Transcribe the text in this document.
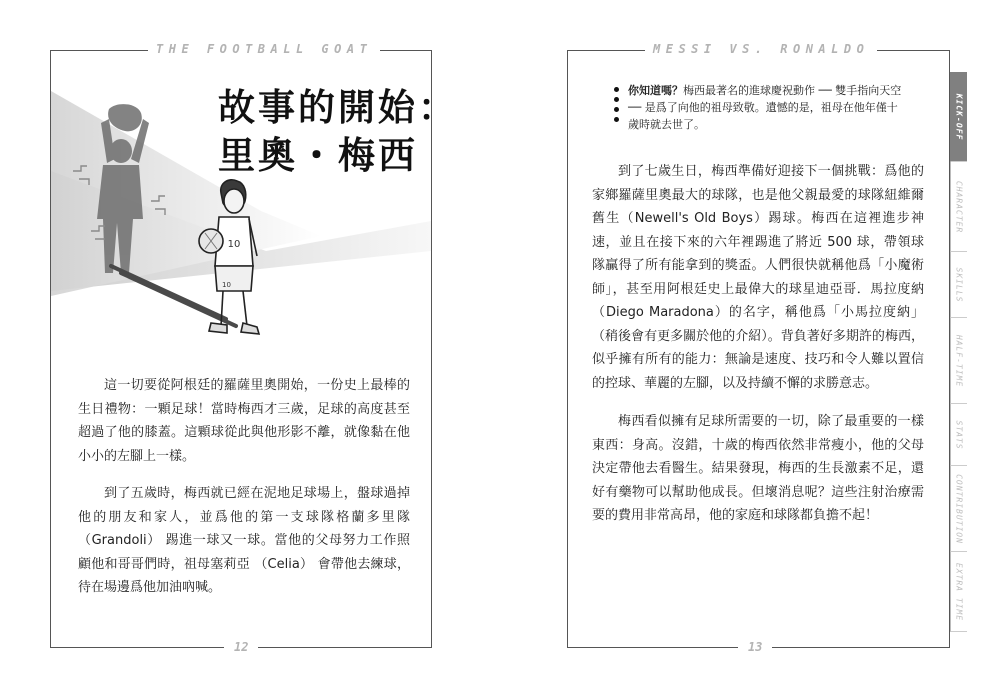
THE FOOTBALL GOAT
10
10
故事的開始：
里奧・梅西

這一切要從阿根廷的羅薩里奧開始，一份史上最棒的生日禮物：一顆足球！當時梅西才三歲，足球的高度甚至超過了他的膝蓋。這顆球從此與他形影不離，就像黏在他小小的左腳上一樣。

到了五歲時，梅西就已經在泥地足球場上，盤球過掉他的朋友和家人，並爲他的第一支球隊格蘭多里隊（Grandoli） 踢進一球又一球。當他的父母努力工作照顧他和哥哥們時，祖母塞莉亞 （Celia） 會帶他去練球，待在場邊爲他加油吶喊。

12
MESSI VS. RONALDO
你知道嗎？梅西最著名的進球慶祝動作 ── 雙手指向天空 ── 是爲了向他的祖母致敬。遺憾的是，祖母在他年僅十歲時就去世了。

到了七歲生日，梅西準備好迎接下一個挑戰：爲他的家鄉羅薩里奧最大的球隊，也是他父親最愛的球隊紐維爾舊生（Newell's Old Boys）踢球。梅西在這裡進步神速，並且在接下來的六年裡踢進了將近 500 球，帶領球隊贏得了所有能拿到的獎盃。人們很快就稱他爲「小魔術師」，甚至用阿根廷史上最偉大的球星迪亞哥．馬拉度納（Diego Maradona）的名字，稱他爲「小馬拉度納」（稍後會有更多關於他的介紹）。背負著好多期許的梅西，似乎擁有所有的能力：無論是速度、技巧和令人難以置信的控球、華麗的左腳，以及持續不懈的求勝意志。

梅西看似擁有足球所需要的一切，除了最重要的一樣東西：身高。沒錯，十歲的梅西依然非常瘦小，他的父母決定帶他去看醫生。結果發現，梅西的生長激素不足，還好有藥物可以幫助他成長。但壞消息呢？這些注射治療需要的費用非常高昂，他的家庭和球隊都負擔不起！

13
KICK-OFF
CHARACTER
SKILLS
HALF-TIME
STATS
CONTRIBUTION
EXTRA TIME
